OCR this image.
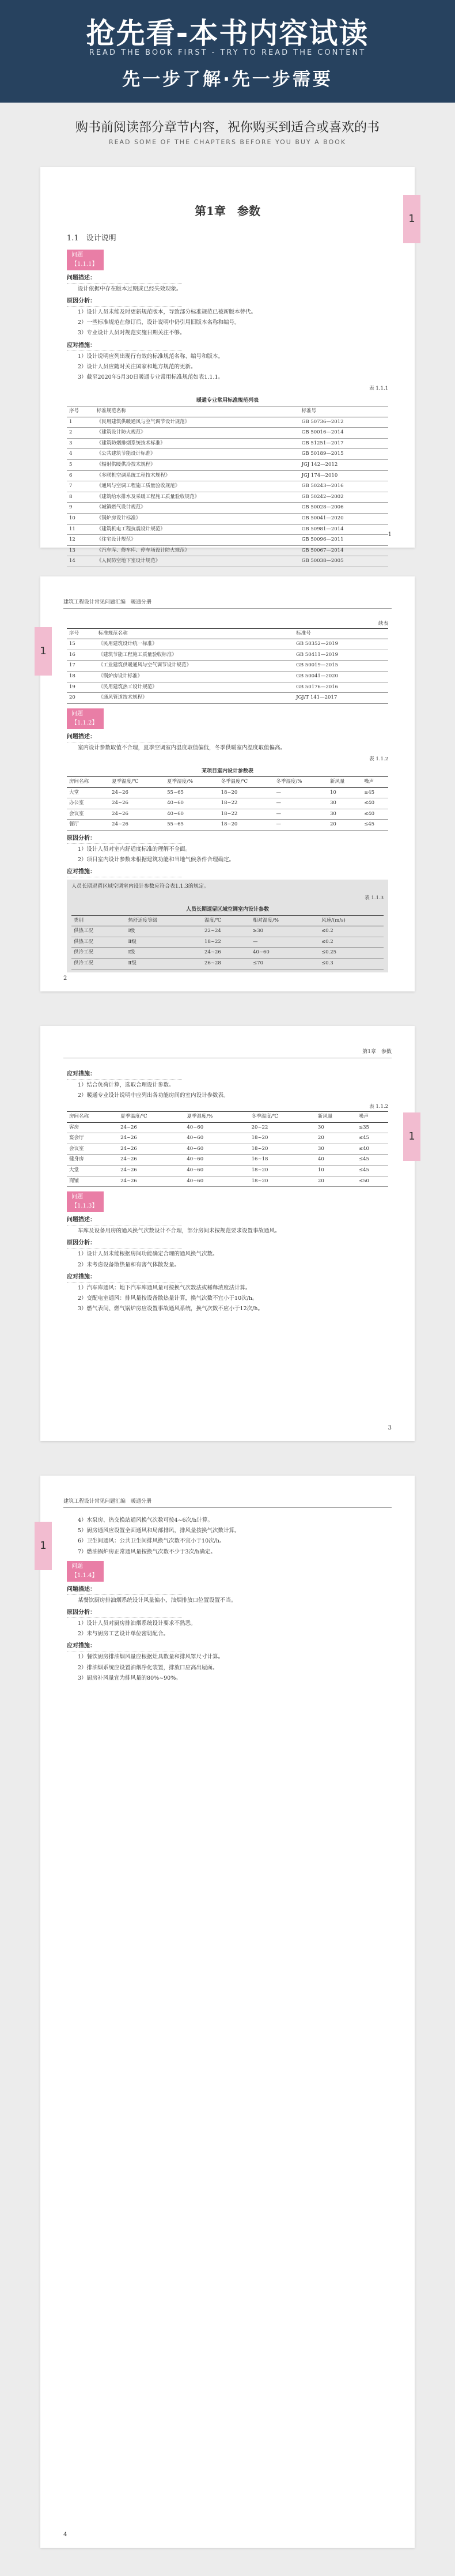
抢先看-本书内容试读
READ THE BOOK FIRST - TRY TO READ THE CONTENT
先一步了解·先一步需要
购书前阅读部分章节内容，祝你购买到适合或喜欢的书
READ SOME OF THE CHAPTERS BEFORE YOU BUY A BOOK
1
第1章　参数
1.1　设计说明
问题【1.1.1】
问题描述：

设计依据中存在版本过期或已经失效现象。

原因分析：

1）设计人员未能及时更新规范版本，导致部分标准规范已被新版本替代。

2）一些标准规范在修订后，设计说明中仍引用旧版本名称和编号。

3）专业设计人员对规范实施日期关注不够。

应对措施：

1）设计说明应列出现行有效的标准规范名称、编号和版本。

2）设计人员应随时关注国家和地方规范的更新。

3）截至2020年5月30日暖通专业常用标准规范如表1.1.1。

表 1.1.1
暖通专业常用标准规范列表
序号	标准规范名称	标准号
1	《民用建筑供暖通风与空气调节设计规范》	GB 50736—2012
2	《建筑设计防火规范》	GB 50016—2014
3	《建筑防烟排烟系统技术标准》	GB 51251—2017
4	《公共建筑节能设计标准》	GB 50189—2015
5	《辐射供暖供冷技术规程》	JGJ 142—2012
6	《多联机空调系统工程技术规程》	JGJ 174—2010
7	《通风与空调工程施工质量验收规范》	GB 50243—2016
8	《建筑给水排水及采暖工程施工质量验收规范》	GB 50242—2002
9	《城镇燃气设计规范》	GB 50028—2006
10	《锅炉房设计标准》	GB 50041—2020
11	《建筑机电工程抗震设计规范》	GB 50981—2014
12	《住宅设计规范》	GB 50096—2011
13	《汽车库、修车库、停车场设计防火规范》	GB 50067—2014
14	《人民防空地下室设计规范》	GB 50038—2005
1
1
建筑工程设计常见问题汇编　暖通分册
续表
序号	标准规范名称	标准号
15	《民用建筑设计统一标准》	GB 50352—2019
16	《建筑节能工程施工质量验收标准》	GB 50411—2019
17	《工业建筑供暖通风与空气调节设计规范》	GB 50019—2015
18	《锅炉房设计标准》	GB 50041—2020
19	《民用建筑热工设计规范》	GB 50176—2016
20	《通风管道技术规程》	JGJ/T 141—2017
问题【1.1.2】
问题描述：

室内设计参数取值不合理，夏季空调室内温度取值偏低，冬季供暖室内温度取值偏高。

表 1.1.2
某项目室内设计参数表
房间名称	夏季温度/℃	夏季湿度/%	冬季温度/℃	冬季湿度/%	新风量	噪声
大堂	24~26	55~65	18~20	—	10	≤45
办公室	24~26	40~60	18~22	—	30	≤40
会议室	24~26	40~60	18~22	—	30	≤40
餐厅	24~26	55~65	18~20	—	20	≤45
原因分析：

1）设计人员对室内舒适度标准的理解不全面。

2）项目室内设计参数未根据建筑功能和当地气候条件合理确定。

应对措施：
人员长期逗留区域空调室内设计参数应符合表1.1.3的规定。
表 1.1.3
人员长期逗留区域空调室内设计参数
类别	热舒适度等级	温度/℃	相对湿度/%	风速/(m/s)
供热工况	Ⅰ级	22~24	≥30	≤0.2
供热工况	Ⅱ级	18~22	—	≤0.2
供冷工况	Ⅰ级	24~26	40~60	≤0.25
供冷工况	Ⅱ级	26~28	≤70	≤0.3
2
1
第1章　参数
应对措施：

1）结合负荷计算，选取合理设计参数。

2）暖通专业设计说明中应列出各功能房间的室内设计参数表。

表 1.1.2
房间名称	夏季温度/℃	夏季湿度/%	冬季温度/℃	新风量	噪声
客房	24~26	40~60	20~22	30	≤35
宴会厅	24~26	40~60	18~20	20	≤45
会议室	24~26	40~60	18~20	30	≤40
健身房	24~26	40~60	16~18	40	≤45
大堂	24~26	40~60	18~20	10	≤45
商铺	24~26	40~60	18~20	20	≤50
问题【1.1.3】
问题描述：

车库及设备用房的通风换气次数设计不合理，部分房间未按规范要求设置事故通风。

原因分析：

1）设计人员未能根据房间功能确定合理的通风换气次数。

2）未考虑设备散热量和有害气体散发量。

应对措施：

1）汽车库通风：地下汽车库通风量可按换气次数法或稀释浓度法计算。

2）变配电室通风：排风量按设备散热量计算，换气次数不宜小于10次/h。

3）燃气表间、燃气锅炉房应设置事故通风系统，换气次数不应小于12次/h。

3
1
建筑工程设计常见问题汇编　暖通分册

4）水泵房、热交换站通风换气次数可按4~6次/h计算。

5）厨房通风应设置全面通风和局部排风，排风量按换气次数计算。

6）卫生间通风：公共卫生间排风换气次数不宜小于10次/h。

7）燃油锅炉房正常通风量按换气次数不少于3次/h确定。

问题【1.1.4】
问题描述：

某餐饮厨房排油烟系统设计风量偏小，油烟排放口位置设置不当。

原因分析：

1）设计人员对厨房排油烟系统设计要求不熟悉。

2）未与厨房工艺设计单位密切配合。

应对措施：

1）餐饮厨房排油烟风量应根据灶具数量和排风罩尺寸计算。

2）排油烟系统应设置油烟净化装置，排放口应高出屋面。

3）厨房补风量宜为排风量的80%~90%。

4
